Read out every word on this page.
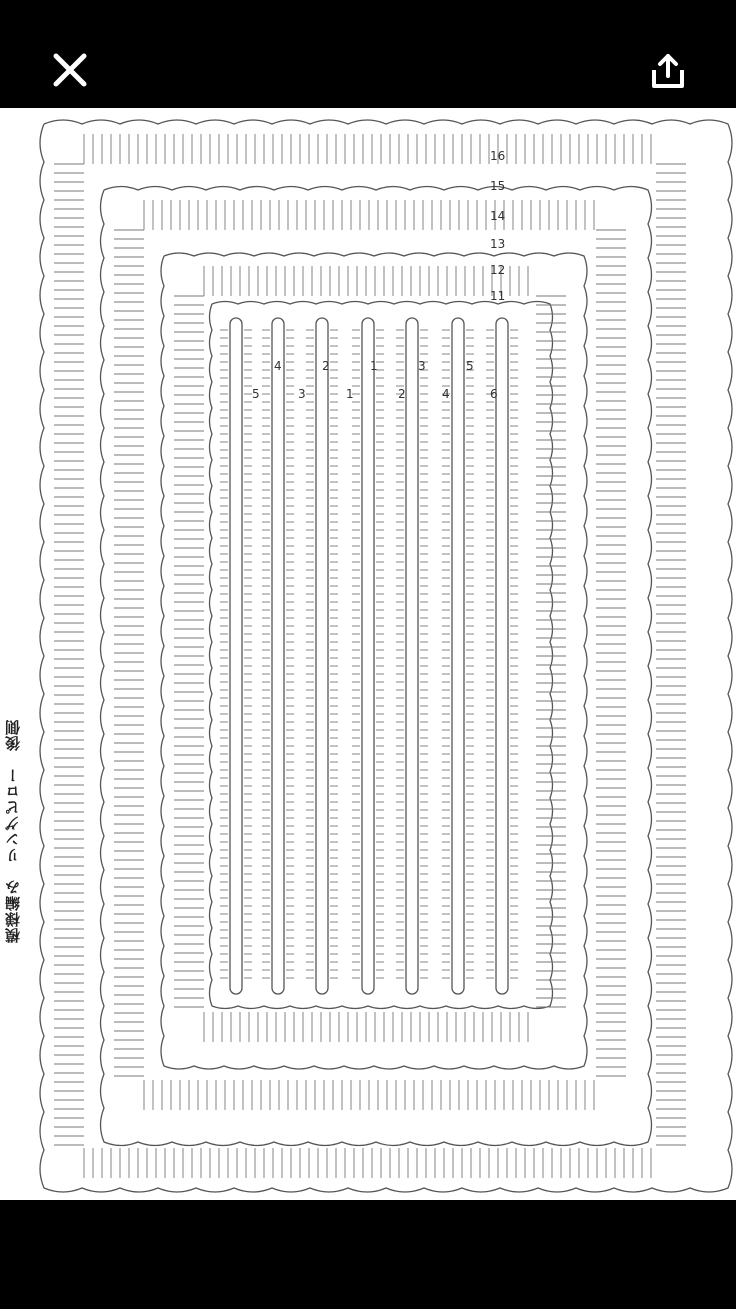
模様編み　リングピロー　後側
5	3	1	2	4	6
4	2	1	3	5
16
15
14
13
12
11
